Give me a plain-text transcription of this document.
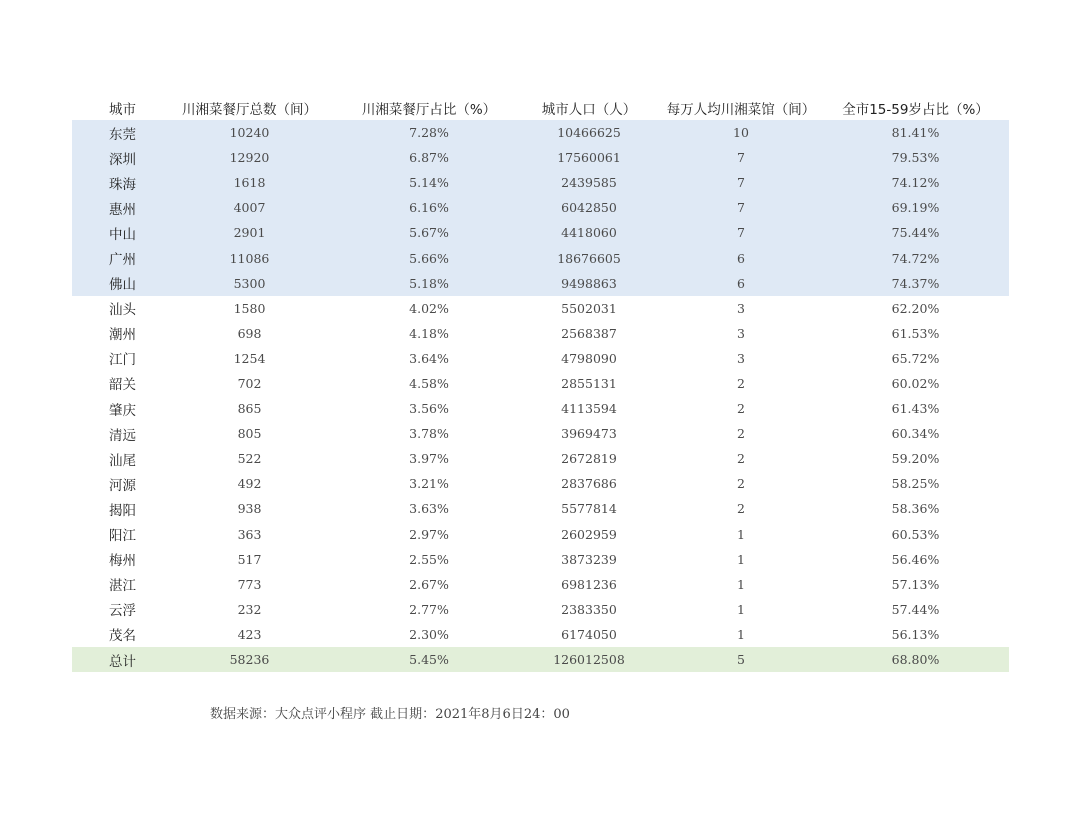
城市	川湘菜餐厅总数（间）	川湘菜餐厅占比（%）	城市人口（人）	每万人均川湘菜馆（间）	全市15-59岁占比（%）
东莞	10240	7.28%	10466625	10	81.41%
深圳	12920	6.87%	17560061	7	79.53%
珠海	1618	5.14%	2439585	7	74.12%
惠州	4007	6.16%	6042850	7	69.19%
中山	2901	5.67%	4418060	7	75.44%
广州	11086	5.66%	18676605	6	74.72%
佛山	5300	5.18%	9498863	6	74.37%
汕头	1580	4.02%	5502031	3	62.20%
潮州	698	4.18%	2568387	3	61.53%
江门	1254	3.64%	4798090	3	65.72%
韶关	702	4.58%	2855131	2	60.02%
肇庆	865	3.56%	4113594	2	61.43%
清远	805	3.78%	3969473	2	60.34%
汕尾	522	3.97%	2672819	2	59.20%
河源	492	3.21%	2837686	2	58.25%
揭阳	938	3.63%	5577814	2	58.36%
阳江	363	2.97%	2602959	1	60.53%
梅州	517	2.55%	3873239	1	56.46%
湛江	773	2.67%	6981236	1	57.13%
云浮	232	2.77%	2383350	1	57.44%
茂名	423	2.30%	6174050	1	56.13%
总计	58236	5.45%	126012508	5	68.80%
数据来源：大众点评小程序 截止日期：2021年8月6日24：00
